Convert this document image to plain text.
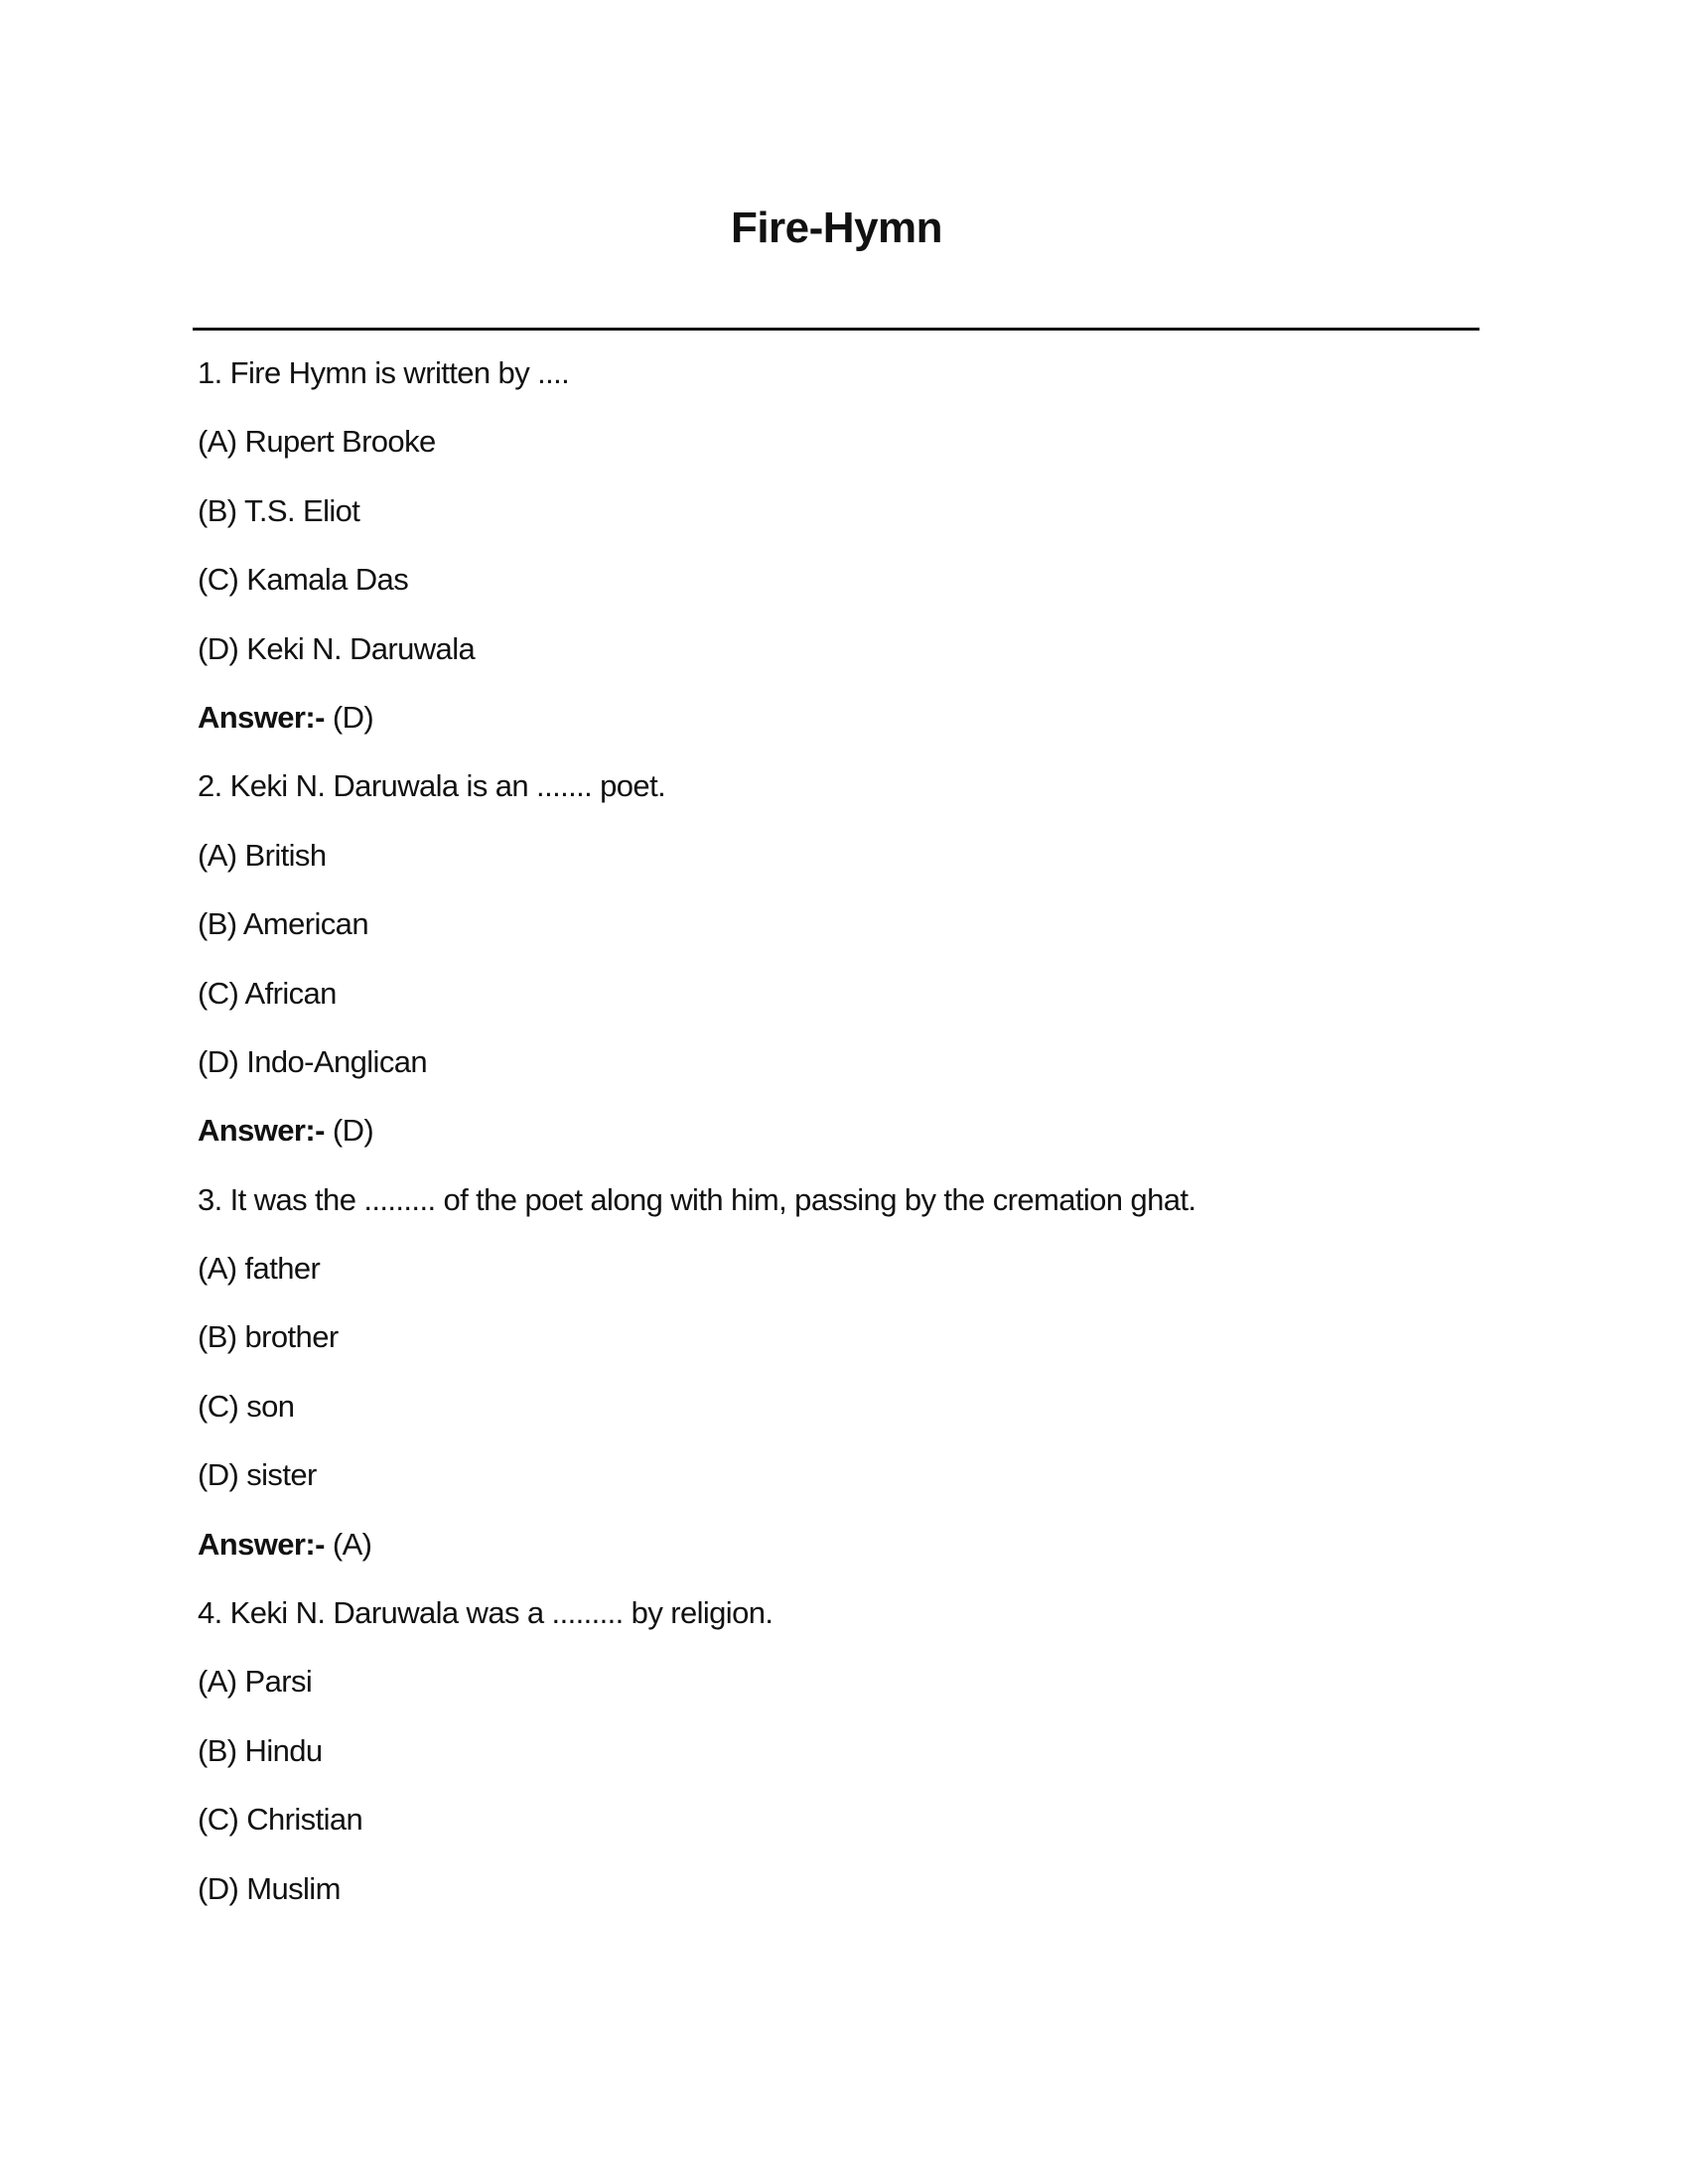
Fire-Hymn
1. Fire Hymn is written by ....
(A) Rupert Brooke
(B) T.S. Eliot
(C) Kamala Das
(D) Keki N. Daruwala
Answer:- (D)
2. Keki N. Daruwala is an ....... poet.
(A) British
(B) American
(C) African
(D) Indo-Anglican
Answer:- (D)
3. It was the ......... of the poet along with him, passing by the cremation ghat.
(A) father
(B) brother
(C) son
(D) sister
Answer:- (A)
4. Keki N. Daruwala was a ......... by religion.
(A) Parsi
(B) Hindu
(C) Christian
(D) Muslim
